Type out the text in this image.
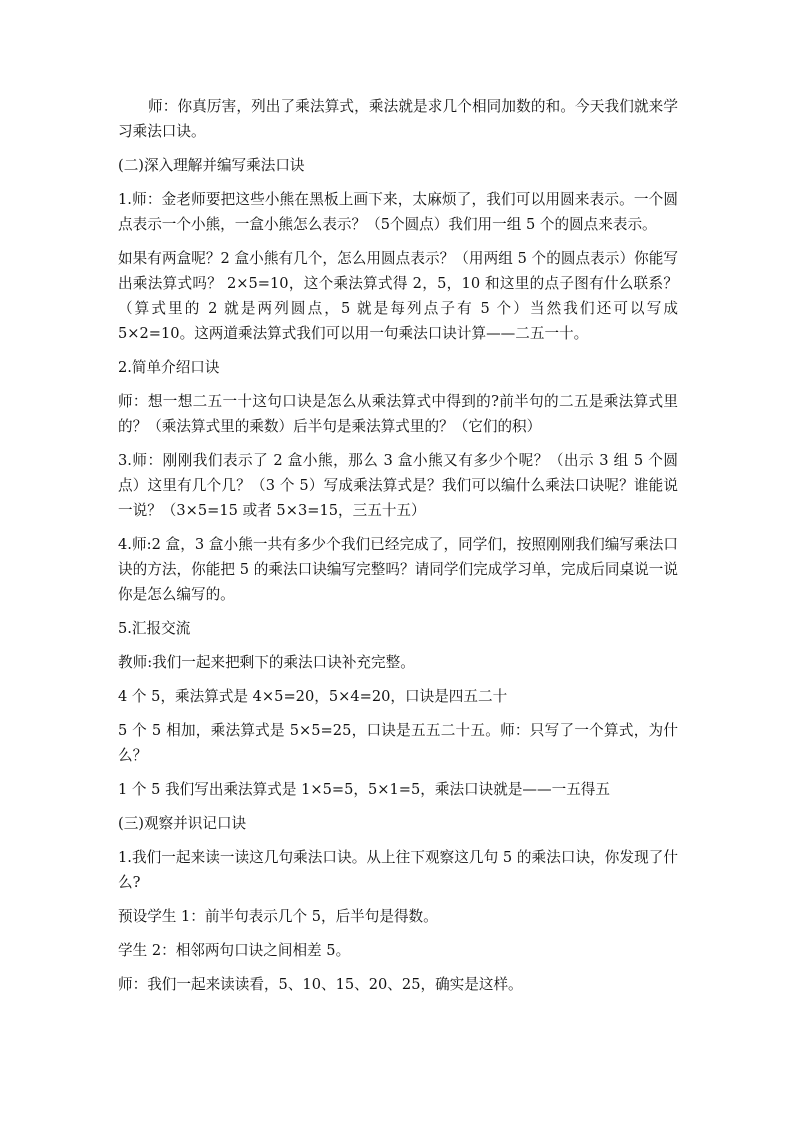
师：你真厉害，列出了乘法算式，乘法就是求几个相同加数的和。今天我们就来学习乘法口诀。

(二)深入理解并编写乘法口诀

1.师：金老师要把这些小熊在黑板上画下来，太麻烦了，我们可以用圆来表示。一个圆点表示一个小熊，一盒小熊怎么表示？（5个圆点）我们用一组 5 个的圆点来表示。

如果有两盒呢？2 盒小熊有几个，怎么用圆点表示？（用两组 5 个的圆点表示）你能写出乘法算式吗？ 2×5=10，这个乘法算式得 2，5，10 和这里的点子图有什么联系？（算式里的 2 就是两列圆点，5 就是每列点子有 5 个）当然我们还可以写成 5×2=10。这两道乘法算式我们可以用一句乘法口诀计算——二五一十。

2.简单介绍口诀

师：想一想二五一十这句口诀是怎么从乘法算式中得到的?前半句的二五是乘法算式里的？（乘法算式里的乘数）后半句是乘法算式里的？（它们的积）

3.师：刚刚我们表示了 2 盒小熊，那么 3 盒小熊又有多少个呢？（出示 3 组 5 个圆点）这里有几个几？（3 个 5）写成乘法算式是？我们可以编什么乘法口诀呢？谁能说一说？（3×5=15 或者 5×3=15，三五十五）

4.师:2 盒，3 盒小熊一共有多少个我们已经完成了，同学们，按照刚刚我们编写乘法口诀的方法，你能把 5 的乘法口诀编写完整吗？请同学们完成学习单，完成后同桌说一说你是怎么编写的。

5.汇报交流

教师:我们一起来把剩下的乘法口诀补充完整。

4 个 5，乘法算式是 4×5=20，5×4=20，口诀是四五二十

5 个 5 相加，乘法算式是 5×5=25，口诀是五五二十五。师：只写了一个算式，为什么？

1 个 5 我们写出乘法算式是 1×5=5，5×1=5，乘法口诀就是——一五得五

(三)观察并识记口诀

1.我们一起来读一读这几句乘法口诀。从上往下观察这几句 5 的乘法口诀，你发现了什么?

预设学生 1：前半句表示几个 5，后半句是得数。

学生 2：相邻两句口诀之间相差 5。

师：我们一起来读读看，5、10、15、20、25，确实是这样。
